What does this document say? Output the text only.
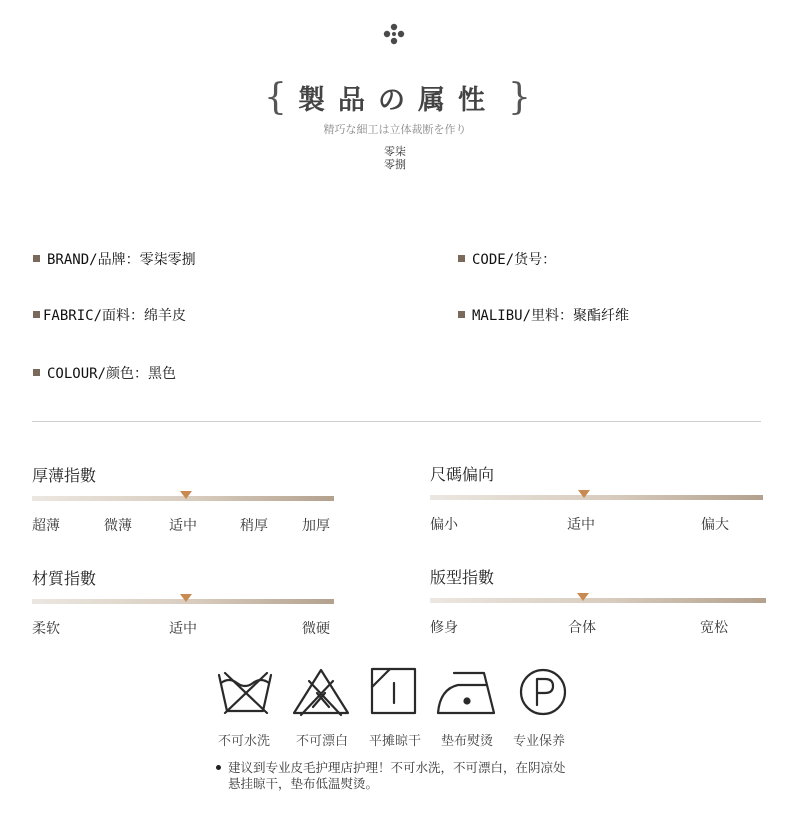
{ 製品の属性 }
精巧な細工は立体裁断を作り
零柒
零捌
BRAND/品牌：零柒零捌	CODE/货号：
FABRIC/面料：绵羊皮	MALIBU/里料：聚酯纤维
COLOUR/颜色：黑色
厚薄指數
超薄	微薄	适中	稍厚 加厚
尺碼偏向
偏小	适中	偏大
材質指數
柔软	适中	微硬
版型指數
修身	合体	宽松
不可水洗 不可漂白 平摊晾干 垫布熨烫 专业保养
建议到专业皮毛护理店护理！不可水洗，不可漂白，在阴凉处
悬挂晾干，垫布低温熨烫。
